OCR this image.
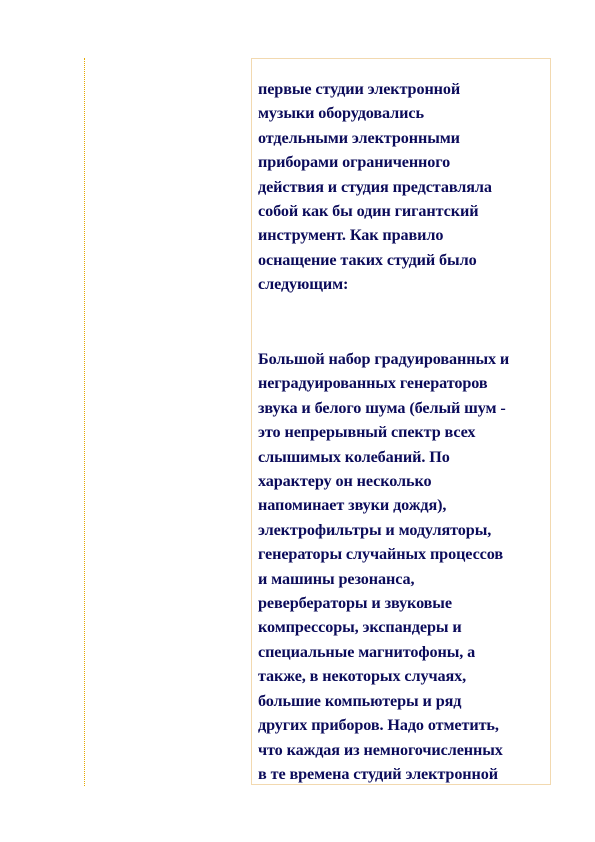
первые студии электронной
музыки оборудовались
отдельными электронными
приборами ограниченного
действия и студия представляла
собой как бы один гигантский
инструмент. Как правило
оснащение таких студий было
следующим:

Большой набор градуированных и
неградуированных генераторов
звука и белого шума (белый шум -
это непрерывный спектр всех
слышимых колебаний. По
характеру он несколько
напоминает звуки дождя),
электрофильтры и модуляторы,
генераторы случайных процессов
и машины резонанса,
реверберaторы и звуковые
компрессоры, экспандеры и
специальные магнитофоны, а
также, в некоторых случаях,
большие компьютеры и ряд
других приборов. Надо отметить,
что каждая из немногочисленных
в те времена студий электронной
